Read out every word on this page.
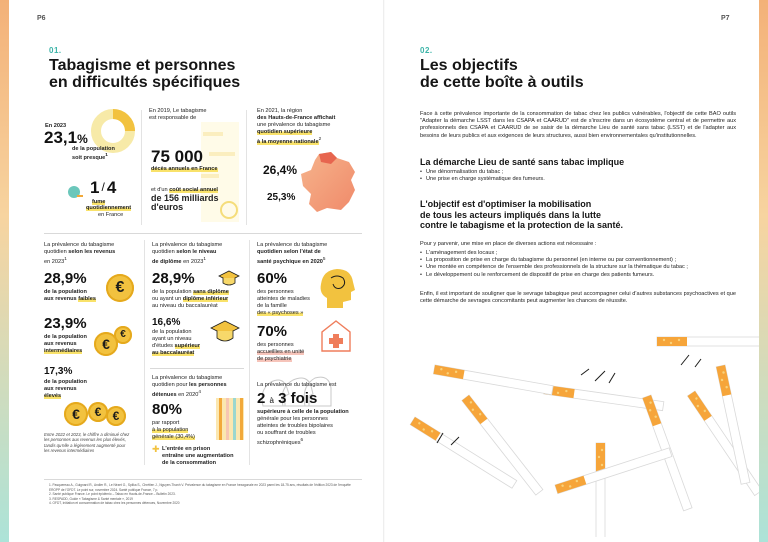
P6
01.
Tabagisme et personnes
en difficultés spécifiques
En 2023
23,1%
de la population
soit presque$^1$
1 / 4
fume
quotidiennement
en France
En 2019, Le tabagisme
est responsable de
75 000
décès annuels en France
et d'un coût social annuel
de 156 milliards
d'euros
En 2021, la région
des Hauts-de-France affichait
une prévalence du tabagisme
quotidien supérieure
à la moyenne nationale$^2$
26,4%
25,3%
La prévalence du tabagisme
quotidien selon les revenus
en 2023$^1$
28,9%
de la population
aux revenus faibles
€
23,9%
de la population
aux revenus
intermédiaires	€
€
17,3%
de la population
aux revenus
élevés
€	€ €
Entre 2022 et 2023, le chiffre a diminué chez
les personnes aux revenus les plus élevés,
tandis qu'elle a légèrement augmenté pour
les revenus intermédiaires
La prévalence du tabagisme
quotidien selon le niveau
de diplôme en 2023$^1$
28,9%
de la population sans diplôme
ou ayant un diplôme inférieur
au niveau du baccalauréat
16,6%
de la population
ayant un niveau
d'études supérieur
au baccalauréat
La prévalence du tabagisme
quotidien pour les personnes
détenues en 2020$^4$
80%
par rapport
à la population
générale (30,4%)
✚ L'entrée en prison
entraîne une augmentation
de la consommation
La prévalence du tabagisme
quotidien selon l'état de
santé psychique en 2020$^5$
60%
des personnes
atteintes de maladies
de la famille
des « psychoses »
70%
des personnes
accueillies en unité
de psychiatrie
La prévalence du tabagisme est
2 à 3 fois
supérieure à celle de la population
générale pour les personnes
atteintes de troubles bipolaires
ou souffrant de troubles
schizophréniques$^6$
1. Pasquereau A., Guignard R., Andler R., Le Nézet O., Spilka S., Chrétien J., Nguyen-Thanh V. Prévalence du tabagisme en France hexagonale en 2023 parmi les 18-75 ans, résultats de l'édition 2023 de l'enquête EROPP de l'OFDT. Le point sur, novembre 2024. Santé publique France, 7 p.
2. Santé publique France. Le point épidémio – Tabac en Hauts-de-France – Bulletin 2023.
3. RESPADD, Guide « Tabagisme & Santé mentale », 2019
4. OFDT, Initiation et consommation de tabac chez les personnes détenues, Novembre 2020
P7
02.
Les objectifs
de cette boîte à outils
Face à cette prévalence importante de la consommation de tabac chez les publics vulnérables, l'objectif de cette BAO outils "Adapter la démarche LSST dans les CSAPA et CAARUD" est de s'inscrire dans un écosystème central et de permettre aux professionnels des CSAPA et CAARUD de se saisir de la démarche Lieu de santé sans tabac (LSST) et de l'adapter aux besoins de leurs publics et aux exigences de leurs structures, aussi bien environnementales qu'institutionnelles.
La démarche Lieu de santé sans tabac implique
• Une dénormalisation du tabac ;
• Une prise en charge systématique des fumeurs.
L'objectif est d'optimiser la mobilisation
de tous les acteurs impliqués dans la lutte
contre le tabagisme et la protection de la santé.
Pour y parvenir, une mise en place de diverses actions est nécessaire :
• L'aménagement des locaux ;
• La proposition de prise en charge du tabagisme du personnel (en interne ou par conventionnement) ;
• Une montée en compétence de l'ensemble des professionnels de la structure sur la thématique du tabac ;
• Le développement ou le renforcement de dispositif de prise en charge des patients fumeurs.
Enfin, il est important de souligner que le sevrage tabagique peut accompagner celui d'autres substances psychoactives et que cette démarche de sevrages concomitants peut augmenter les chances de réussite.
